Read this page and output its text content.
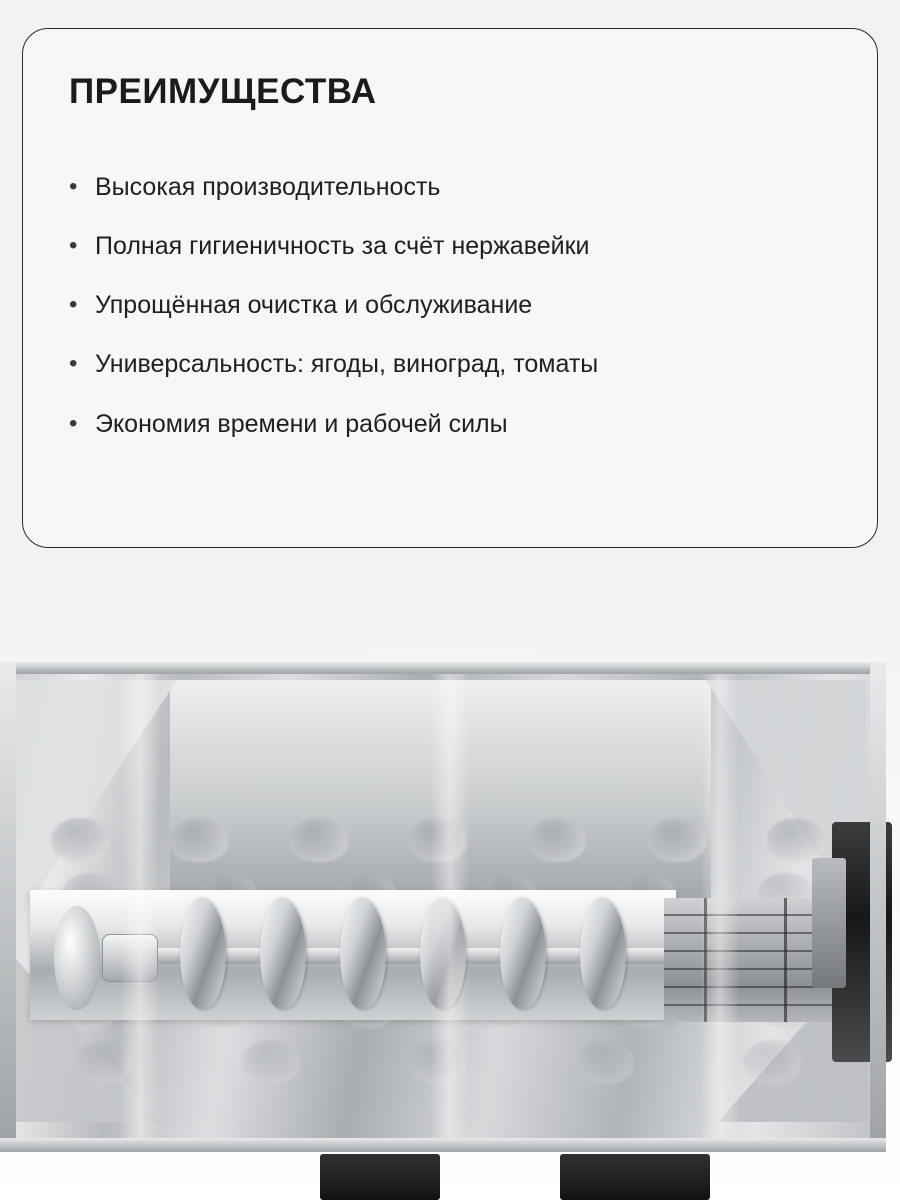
ПРЕИМУЩЕСТВА
• Высокая производительность
• Полная гигиеничность за счёт нержавейки
• Упрощённая очистка и обслуживание
• Универсальность: ягоды, виноград, томаты
• Экономия времени и рабочей силы
